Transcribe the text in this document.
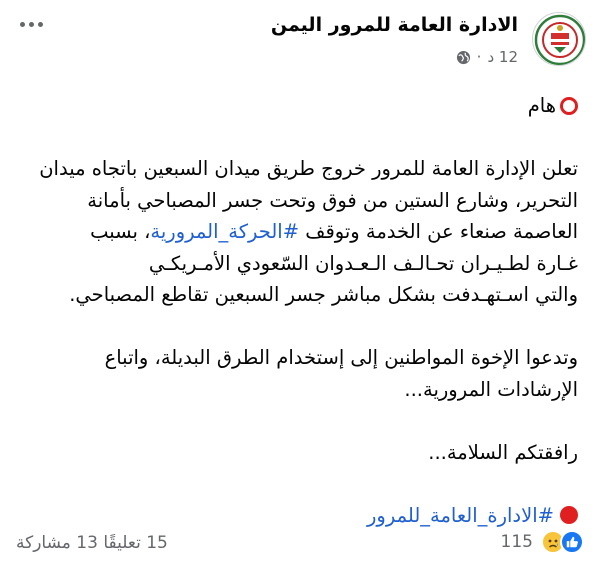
الادارة العامة للمرور اليمن
12 د
·
هام
تعلن الإدارة العامة للمرور خروج طريق ميدان السبعين باتجاه ميدان
التحرير، وشارع الستين من فوق وتحت جسر المصباحي بأمانة
العاصمة صنعاء عن الخدمة وتوقف #الحركة_المرورية، بسبب
غـارة لطـيـران تحـالـف الـعـدوان السّعودي الأمـريكـي
والتي اسـتهـدفت بشكل مباشر جسر السبعين تقاطع المصباحي.
وتدعوا الإخوة المواطنين إلى إستخدام الطرق البديلة، واتباع
الإرشادات المرورية...
رافقتكم السلامة...
#الادارة_العامة_للمرور
115
15 تعليقًا 13 مشاركة
